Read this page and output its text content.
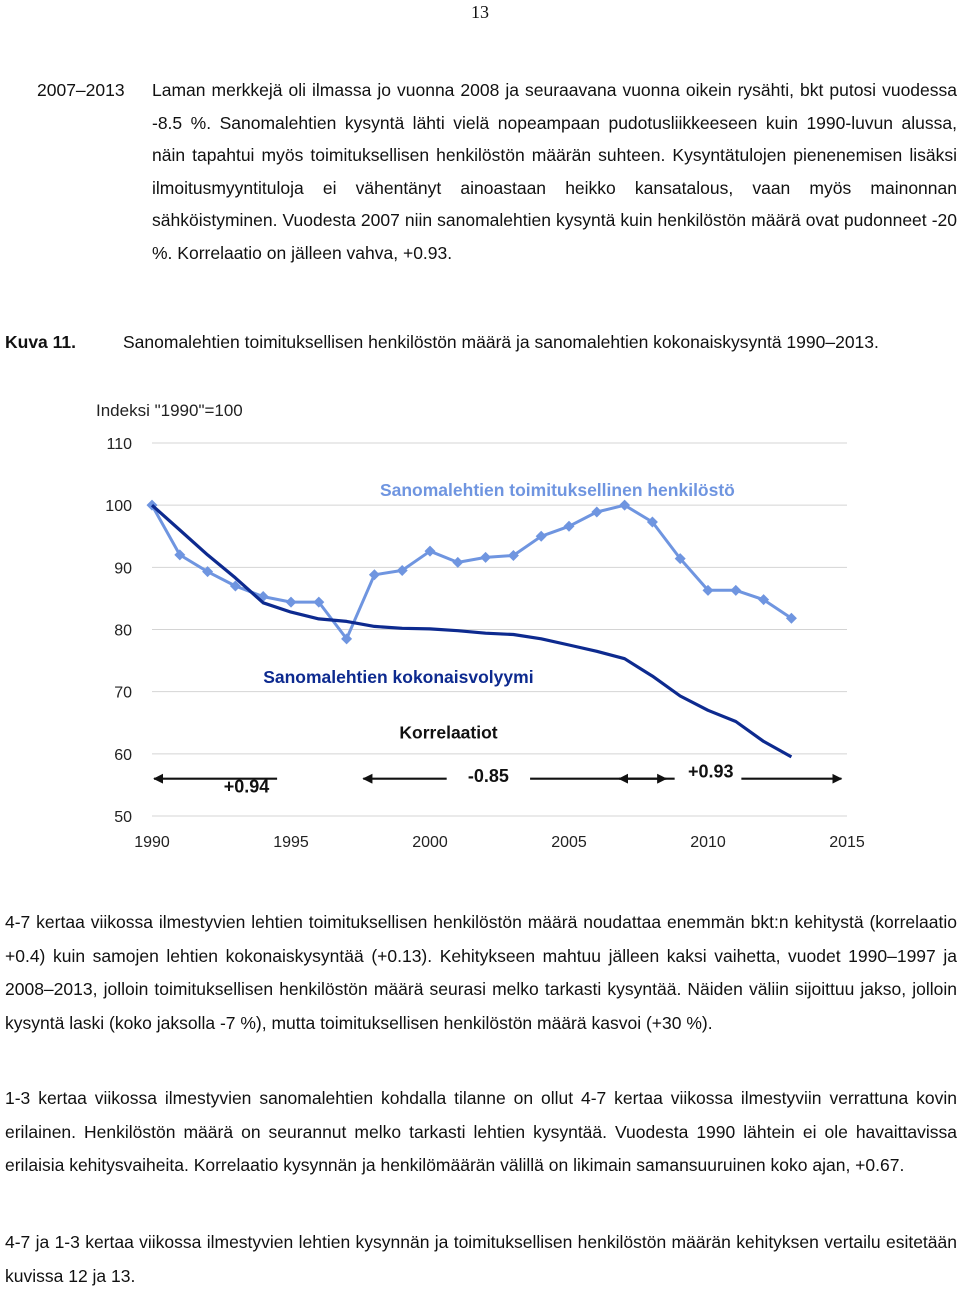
13
2007–2013	Laman merkkejä oli ilmassa jo vuonna 2008 ja seuraavana vuonna oikein rysähti, bkt putosi vuodessa -8.5 %. Sanomalehtien kysyntä lähti vielä nopeampaan pudotusliikkeeseen kuin 1990-luvun alussa, näin tapahtui myös toimituksellisen henkilöstön määrän suhteen. Kysyntätulojen pienenemisen lisäksi ilmoitusmyyntituloja ei vähentänyt ainoastaan heikko kansatalous, vaan myös mainonnan sähköistyminen. Vuodesta 2007 niin sanomalehtien kysyntä kuin henkilöstön määrä ovat pudonneet -20 %. Korrelaatio on jälleen vahva, +0.93.
Kuva 11.	Sanomalehtien toimituksellisen henkilöstön määrä ja sanomalehtien kokonaiskysyntä 1990–2013.
50
60
70
80
90
100
110
1990	1995	2000	2005	2010	2015
+0.94
-0.85	+0.93
Indeksi "1990"=100
Sanomalehtien toimituksellinen henkilöstö
Sanomalehtien kokonaisvolyymi
Korrelaatiot
4-7 kertaa viikossa ilmestyvien lehtien toimituksellisen henkilöstön määrä noudattaa enemmän bkt:n kehitystä (korrelaatio +0.4) kuin samojen lehtien kokonaiskysyntää (+0.13). Kehitykseen mahtuu jälleen kaksi vaihetta, vuodet 1990–1997 ja 2008–2013, jolloin toimituksellisen henkilöstön määrä seurasi melko tarkasti kysyntää. Näiden väliin sijoittuu jakso, jolloin kysyntä laski (koko jaksolla -7 %), mutta toimituksellisen henkilöstön määrä kasvoi (+30 %).
1-3 kertaa viikossa ilmestyvien sanomalehtien kohdalla tilanne on ollut 4-7 kertaa viikossa ilmestyviin verrattuna kovin erilainen. Henkilöstön määrä on seurannut melko tarkasti lehtien kysyntää. Vuodesta 1990 lähtein ei ole havaittavissa erilaisia kehitysvaiheita. Korrelaatio kysynnän ja henkilömäärän välillä on likimain samansuuruinen koko ajan, +0.67.
4-7 ja 1-3 kertaa viikossa ilmestyvien lehtien kysynnän ja toimituksellisen henkilöstön määrän kehityksen vertailu esitetään kuvissa 12 ja 13.
